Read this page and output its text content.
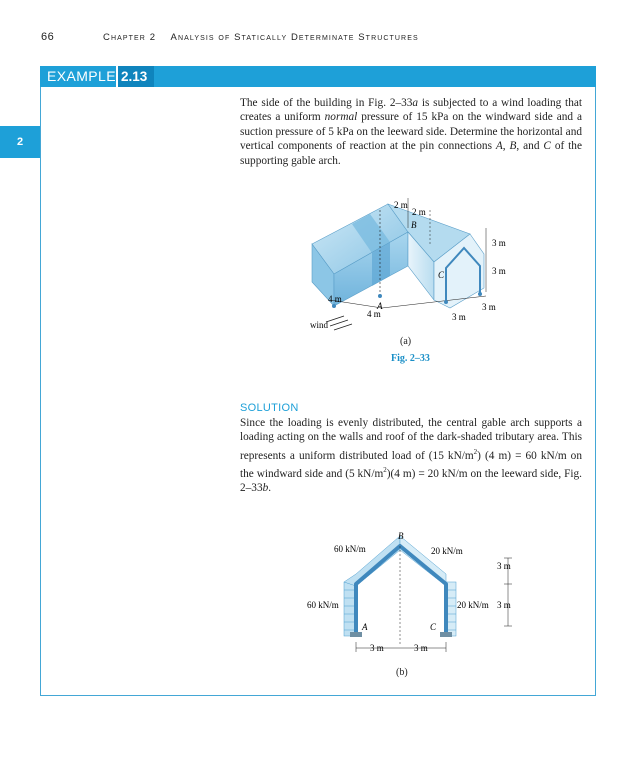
66	Chapter 2    Analysis of Statically Determinate Structures
EXAMPLE 2.13
2
The side of the building in Fig. 2–33a is subjected to a wind loading that creates a uniform normal pressure of 15 kPa on the windward side and a suction pressure of 5 kPa on the leeward side. Determine the horizontal and vertical components of reaction at the pin connections A, B, and C of the supporting gable arch.
2 m
2 m
B
3 m
3 m
C
4 m
A
4 m	3 m
3 m
wind
(a)
Fig. 2–33
SOLUTION
Since the loading is evenly distributed, the central gable arch supports a loading acting on the walls and roof of the dark-shaded tributary area. This represents a uniform distributed load of (15 $kN/m^2$) (4 m) = 60 kN/m on the windward side and (5 $kN/m^2)(4$ m) = 20 kN/m on the leeward side, Fig. 2–33b.
B
60 kN/m	20 kN/m
3 m
60 kN/m	20 kN/m 3 m
A	C
3 m	3 m
(b)
